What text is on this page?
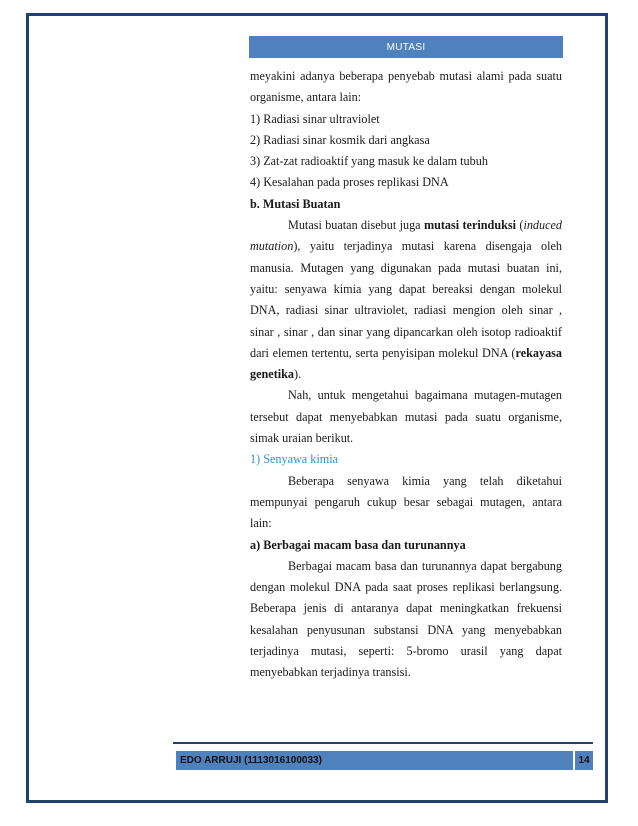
MUTASI

meyakini adanya beberapa penyebab mutasi alami pada suatu organisme, antara lain:

1) Radiasi sinar ultraviolet

2) Radiasi sinar kosmik dari angkasa

3) Zat-zat radioaktif yang masuk ke dalam tubuh

4) Kesalahan pada proses replikasi DNA

b. Mutasi Buatan

Mutasi buatan disebut juga mutasi terinduksi (induced mutation), yaitu terjadinya mutasi karena disengaja oleh manusia. Mutagen yang digunakan pada mutasi buatan ini, yaitu: senyawa kimia yang dapat bereaksi dengan molekul DNA, radiasi sinar ultraviolet, radiasi mengion oleh sinar , sinar , sinar , dan sinar yang dipancarkan oleh isotop radioaktif dari elemen tertentu, serta penyisipan molekul DNA (rekayasa genetika).

Nah, untuk mengetahui bagaimana mutagen-mutagen tersebut dapat menyebabkan mutasi pada suatu organisme, simak uraian berikut.

1) Senyawa kimia

Beberapa senyawa kimia yang telah diketahui mempunyai pengaruh cukup besar sebagai mutagen, antara lain:

a) Berbagai macam basa dan turunannya

Berbagai macam basa dan turunannya dapat bergabung dengan molekul DNA pada saat proses replikasi berlangsung. Beberapa jenis di antaranya dapat meningkatkan frekuensi kesalahan penyusunan substansi DNA yang menyebabkan terjadinya mutasi, seperti: 5-bromo urasil yang dapat menyebabkan terjadinya transisi.

EDO ARRUJI (1113016100033)	14
